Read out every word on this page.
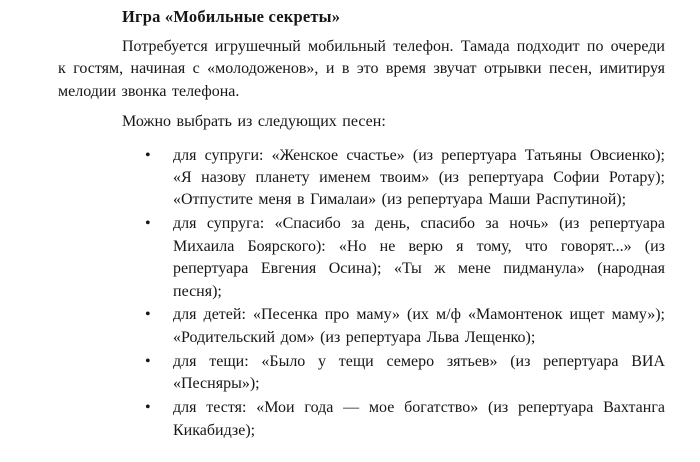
Игра «Мобильные секреты»

Потребуется игрушечный мобильный телефон. Тамада подходит по очереди к гостям, начиная с «молодоженов», и в это время звучат отрывки песен, имитируя мелодии звонка телефона.

Можно выбрать из следующих песен:

• для супруги: «Женское счастье» (из репертуара Татьяны Овсиенко); «Я назову планету именем твоим» (из репертуара Софии Ротару); «Отпустите меня в Гималаи» (из репертуара Маши Распутиной);
• для супруга: «Спасибо за день, спасибо за ночь» (из репертуара Михаила Боярского): «Но не верю я тому, что говорят...» (из репертуара Евгения Осина); «Ты ж мене пидманула» (народная песня);
• для детей: «Песенка про маму» (их м/ф «Мамонтенок ищет маму»); «Родительский дом» (из репертуара Льва Лещенко);
• для тещи: «Было у тещи семеро зятьев» (из репертуара ВИА «Песняры»);
• для тестя: «Мои года — мое богатство» (из репертуара Вахтанга Кикабидзе);
